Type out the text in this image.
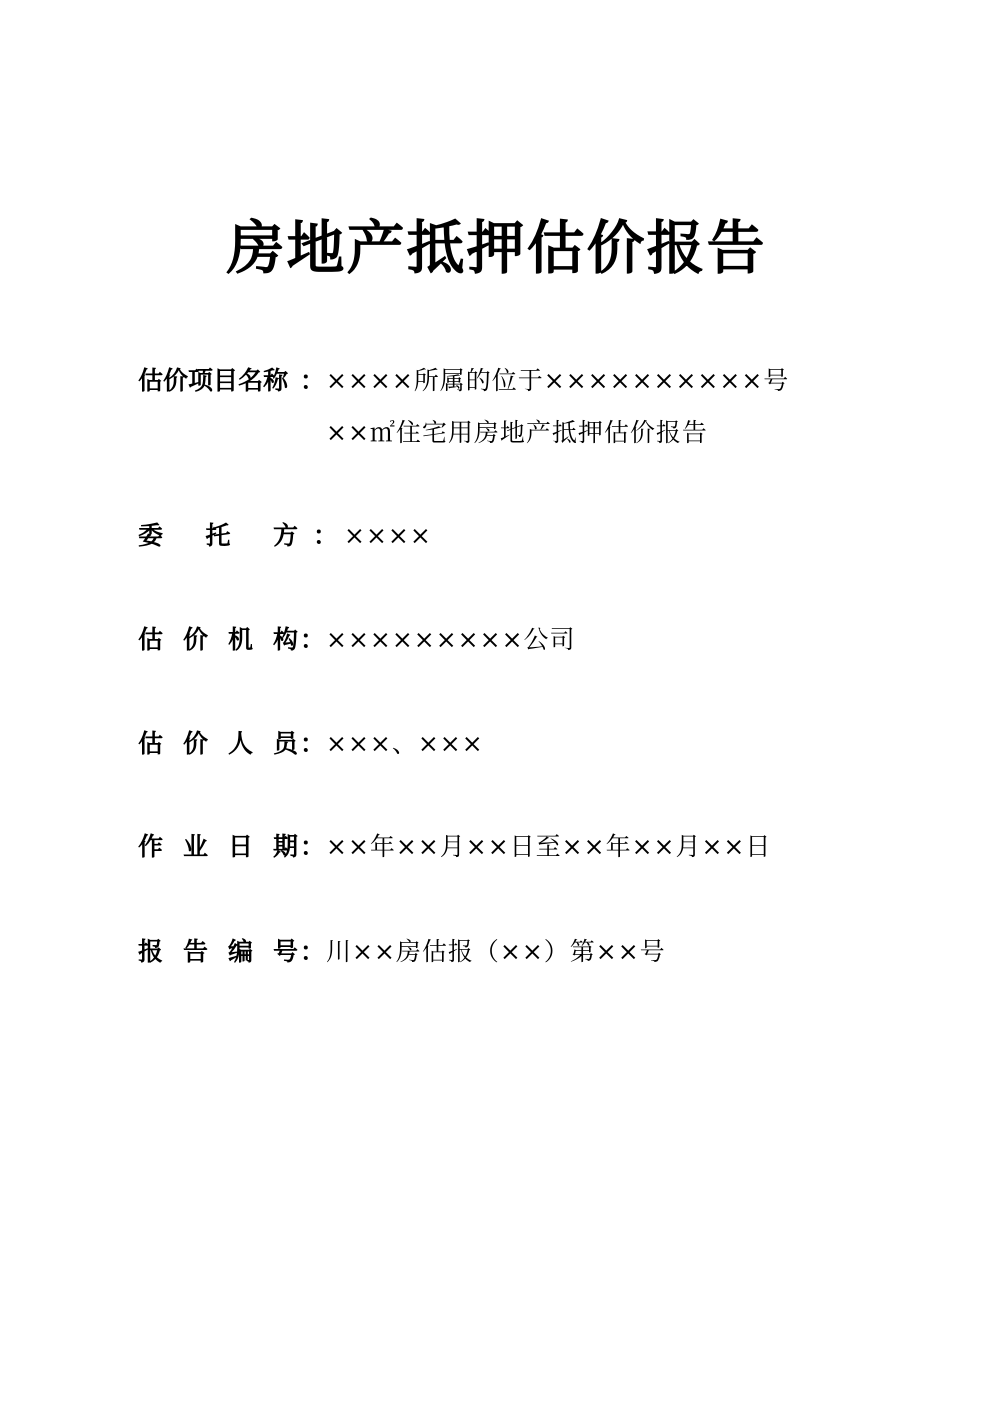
房地产抵押估价报告
估 价 项 目 名 称 ： ××××所属的位于××××××××××号
××㎡住宅用房地产抵押估价报告
委 托 方 ： ××××
估 价 机 构 ： ×××××××××公司
估 价 人 员 ： ×××、×××
作 业 日 期 ： ××年××月××日至××年××月××日
报 告 编 号 ： 川××房估报（××）第××号
